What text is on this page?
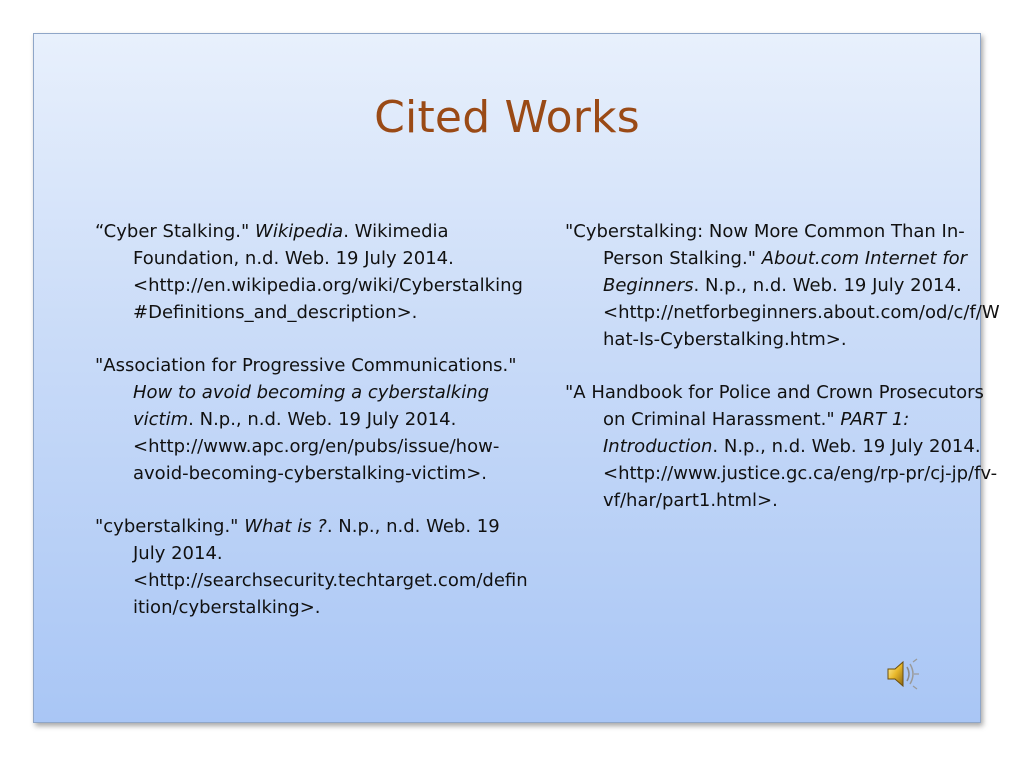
Cited Works

“Cyber Stalking." Wikipedia. Wikimedia Foundation, n.d. Web. 19 July 2014. <http://en.wikipedia.org/wiki/Cyberstalking#Definitions_and_description>.

"Association for Progressive Communications." How to avoid becoming a cyberstalking victim. N.p., n.d. Web. 19 July 2014. <http://www.apc.org/en/pubs/issue/how-avoid-becoming-cyberstalking-victim>.

"cyberstalking." What is ?. N.p., n.d. Web. 19 July 2014. <http://searchsecurity.techtarget.com/definition/cyberstalking>.

"Cyberstalking: Now More Common Than In-Person Stalking." About.com Internet for Beginners. N.p., n.d. Web. 19 July 2014. <http://netforbeginners.about.com/od/c/f/What-Is-Cyberstalking.htm>.

"A Handbook for Police and Crown Prosecutors on Criminal Harassment." PART 1: Introduction. N.p., n.d. Web. 19 July 2014. <http://www.justice.gc.ca/eng/rp-pr/cj-jp/fv-vf/har/part1.html>.
